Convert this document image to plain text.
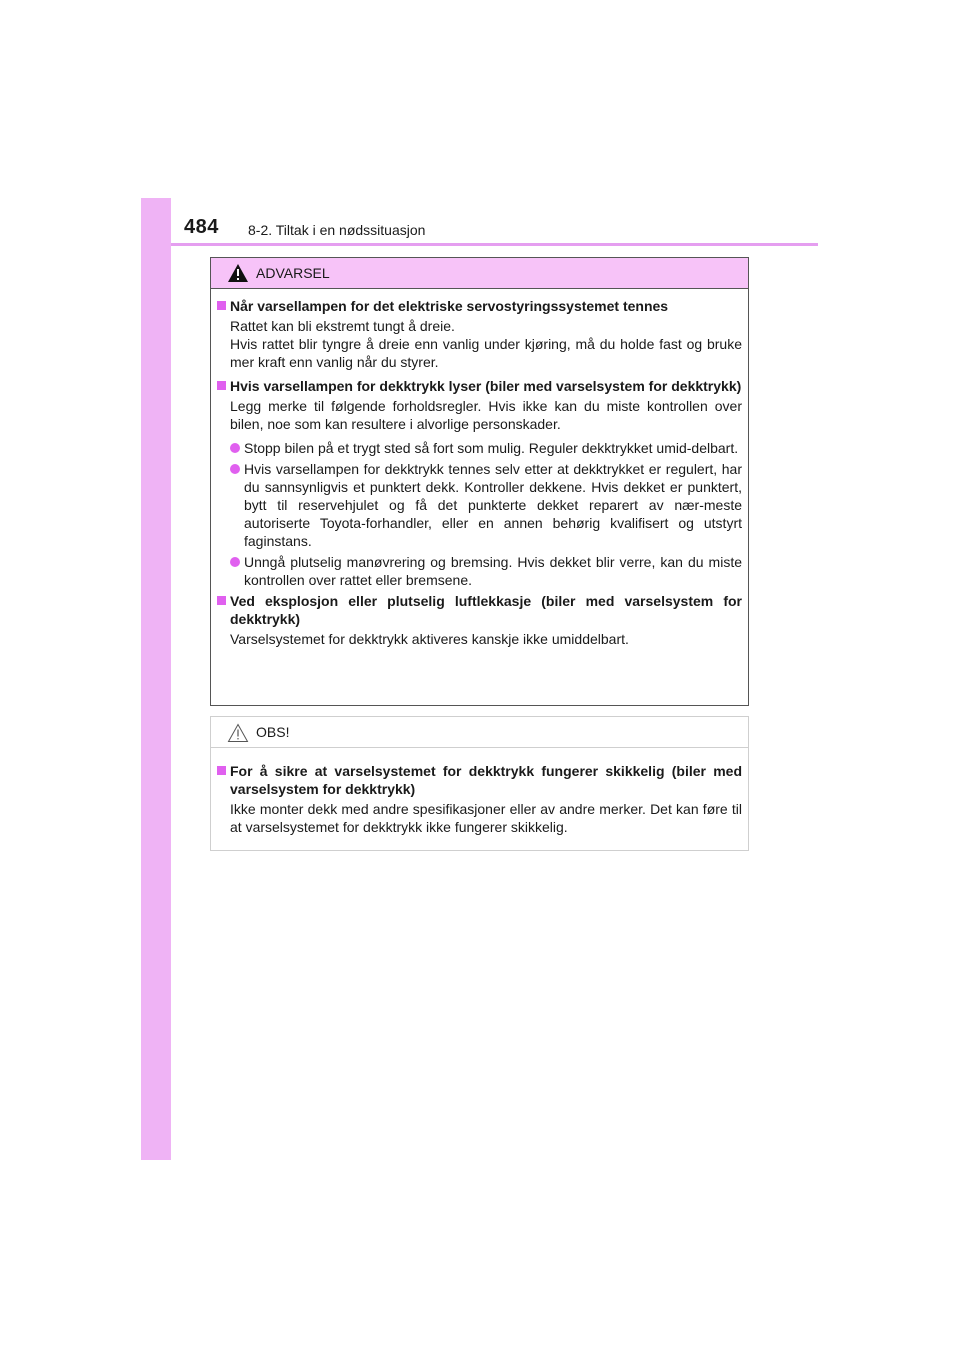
484 8-2. Tiltak i en nødssituasjon
ADVARSEL
Når varsellampen for det elektriske servostyringssystemet tennes
Rattet kan bli ekstremt tungt å dreie.
Hvis rattet blir tyngre å dreie enn vanlig under kjøring, må du holde fast og bruke mer kraft enn vanlig når du styrer.
Hvis varsellampen for dekktrykk lyser (biler med varselsystem for dekktrykk)
Legg merke til følgende forholdsregler. Hvis ikke kan du miste kontrollen over bilen, noe som kan resultere i alvorlige personskader.
Stopp bilen på et trygt sted så fort som mulig. Reguler dekktrykket umid-delbart.
Hvis varsellampen for dekktrykk tennes selv etter at dekktrykket er regulert, har du sannsynligvis et punktert dekk. Kontroller dekkene. Hvis dekket er punktert, bytt til reservehjulet og få det punkterte dekket reparert av nær-meste autoriserte Toyota-forhandler, eller en annen behørig kvalifisert og utstyrt faginstans.
Unngå plutselig manøvrering og bremsing. Hvis dekket blir verre, kan du miste kontrollen over rattet eller bremsene.
Ved eksplosjon eller plutselig luftlekkasje (biler med varselsystem for dekktrykk)
Varselsystemet for dekktrykk aktiveres kanskje ikke umiddelbart.
OBS!
For å sikre at varselsystemet for dekktrykk fungerer skikkelig (biler med varselsystem for dekktrykk)
Ikke monter dekk med andre spesifikasjoner eller av andre merker. Det kan føre til at varselsystemet for dekktrykk ikke fungerer skikkelig.
